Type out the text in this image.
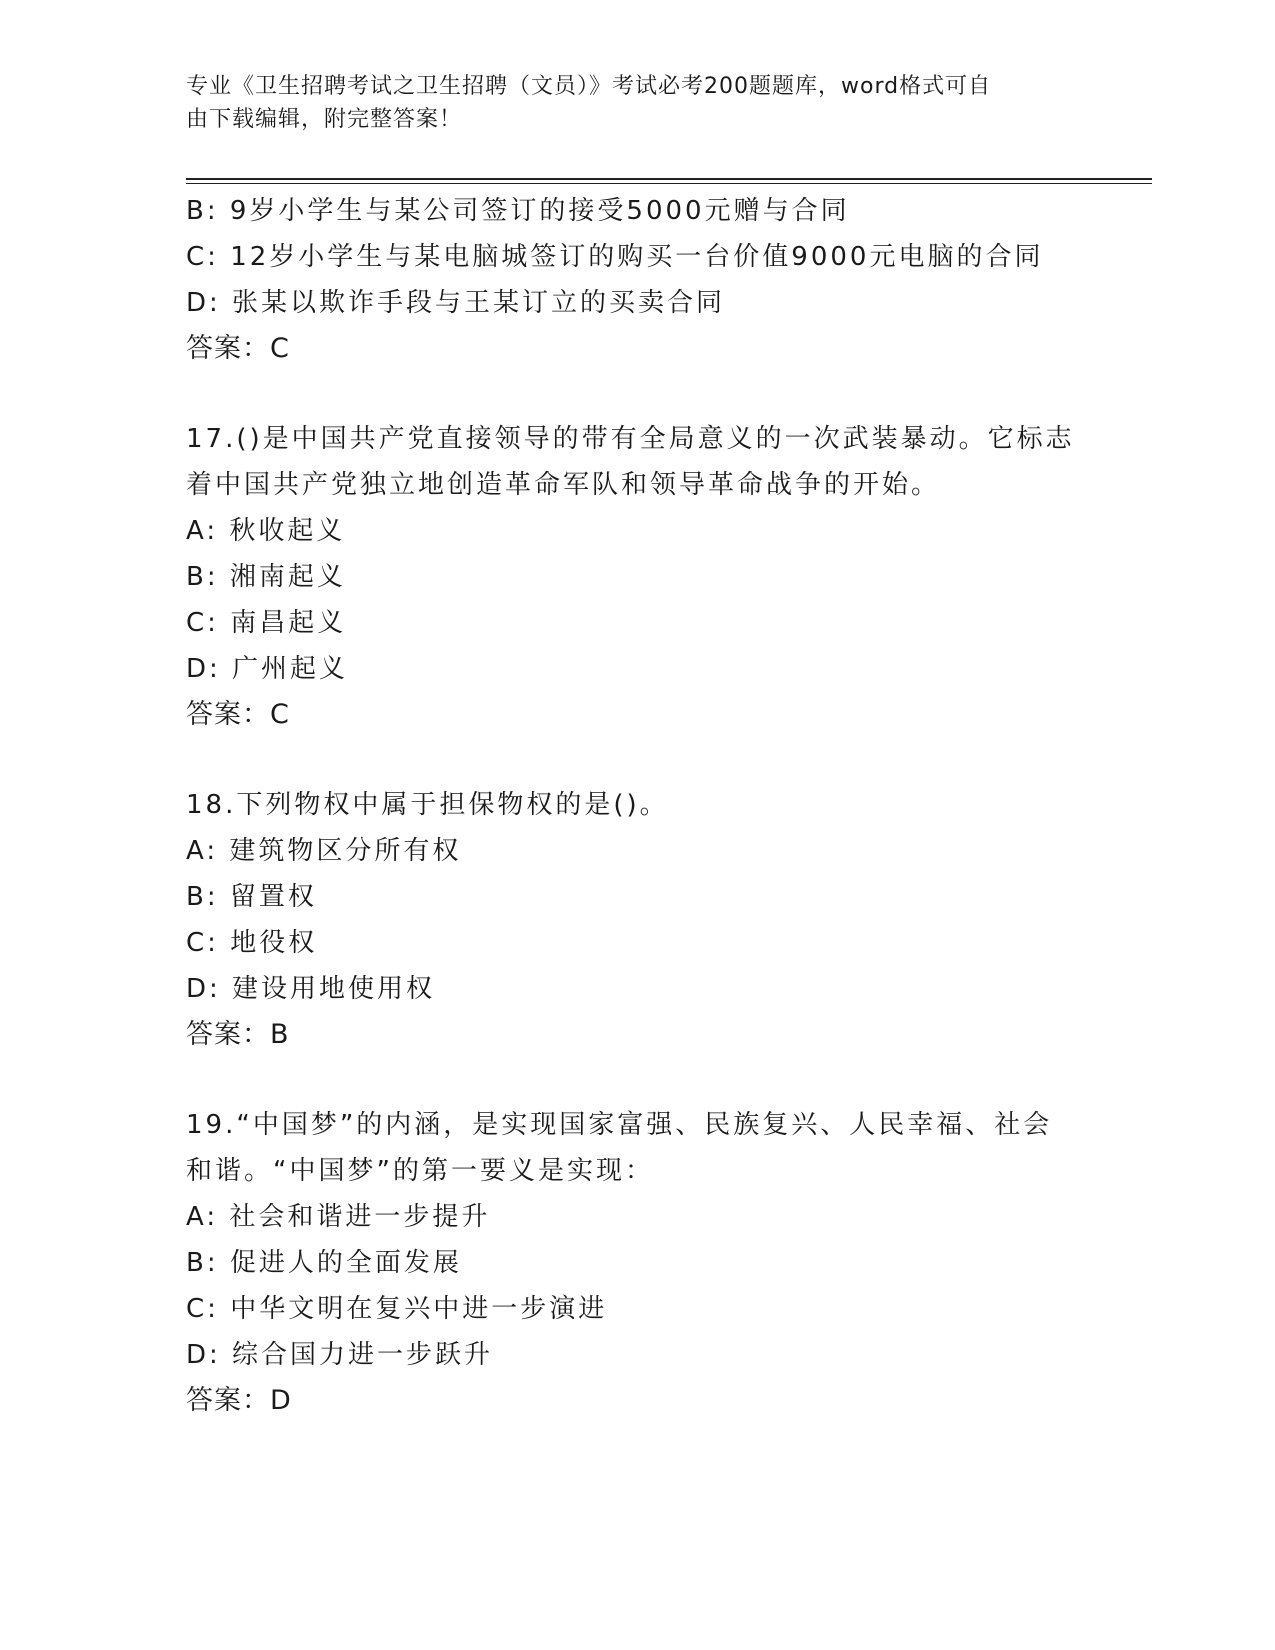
专业《卫生招聘考试之卫生招聘（文员）》考试必考200题题库，word格式可自
由下载编辑，附完整答案！
B: 9岁小学生与某公司签订的接受5000元赠与合同
C: 12岁小学生与某电脑城签订的购买一台价值9000元电脑的合同
D: 张某以欺诈手段与王某订立的买卖合同
答案：C
17.()是中国共产党直接领导的带有全局意义的一次武装暴动。它标志
着中国共产党独立地创造革命军队和领导革命战争的开始。
A: 秋收起义
B: 湘南起义
C: 南昌起义
D: 广州起义
答案：C
18.下列物权中属于担保物权的是()。
A: 建筑物区分所有权
B: 留置权
C: 地役权
D: 建设用地使用权
答案：B
19.“中国梦”的内涵，是实现国家富强、民族复兴、人民幸福、社会
和谐。“中国梦”的第一要义是实现：
A: 社会和谐进一步提升
B: 促进人的全面发展
C: 中华文明在复兴中进一步演进
D: 综合国力进一步跃升
答案：D
